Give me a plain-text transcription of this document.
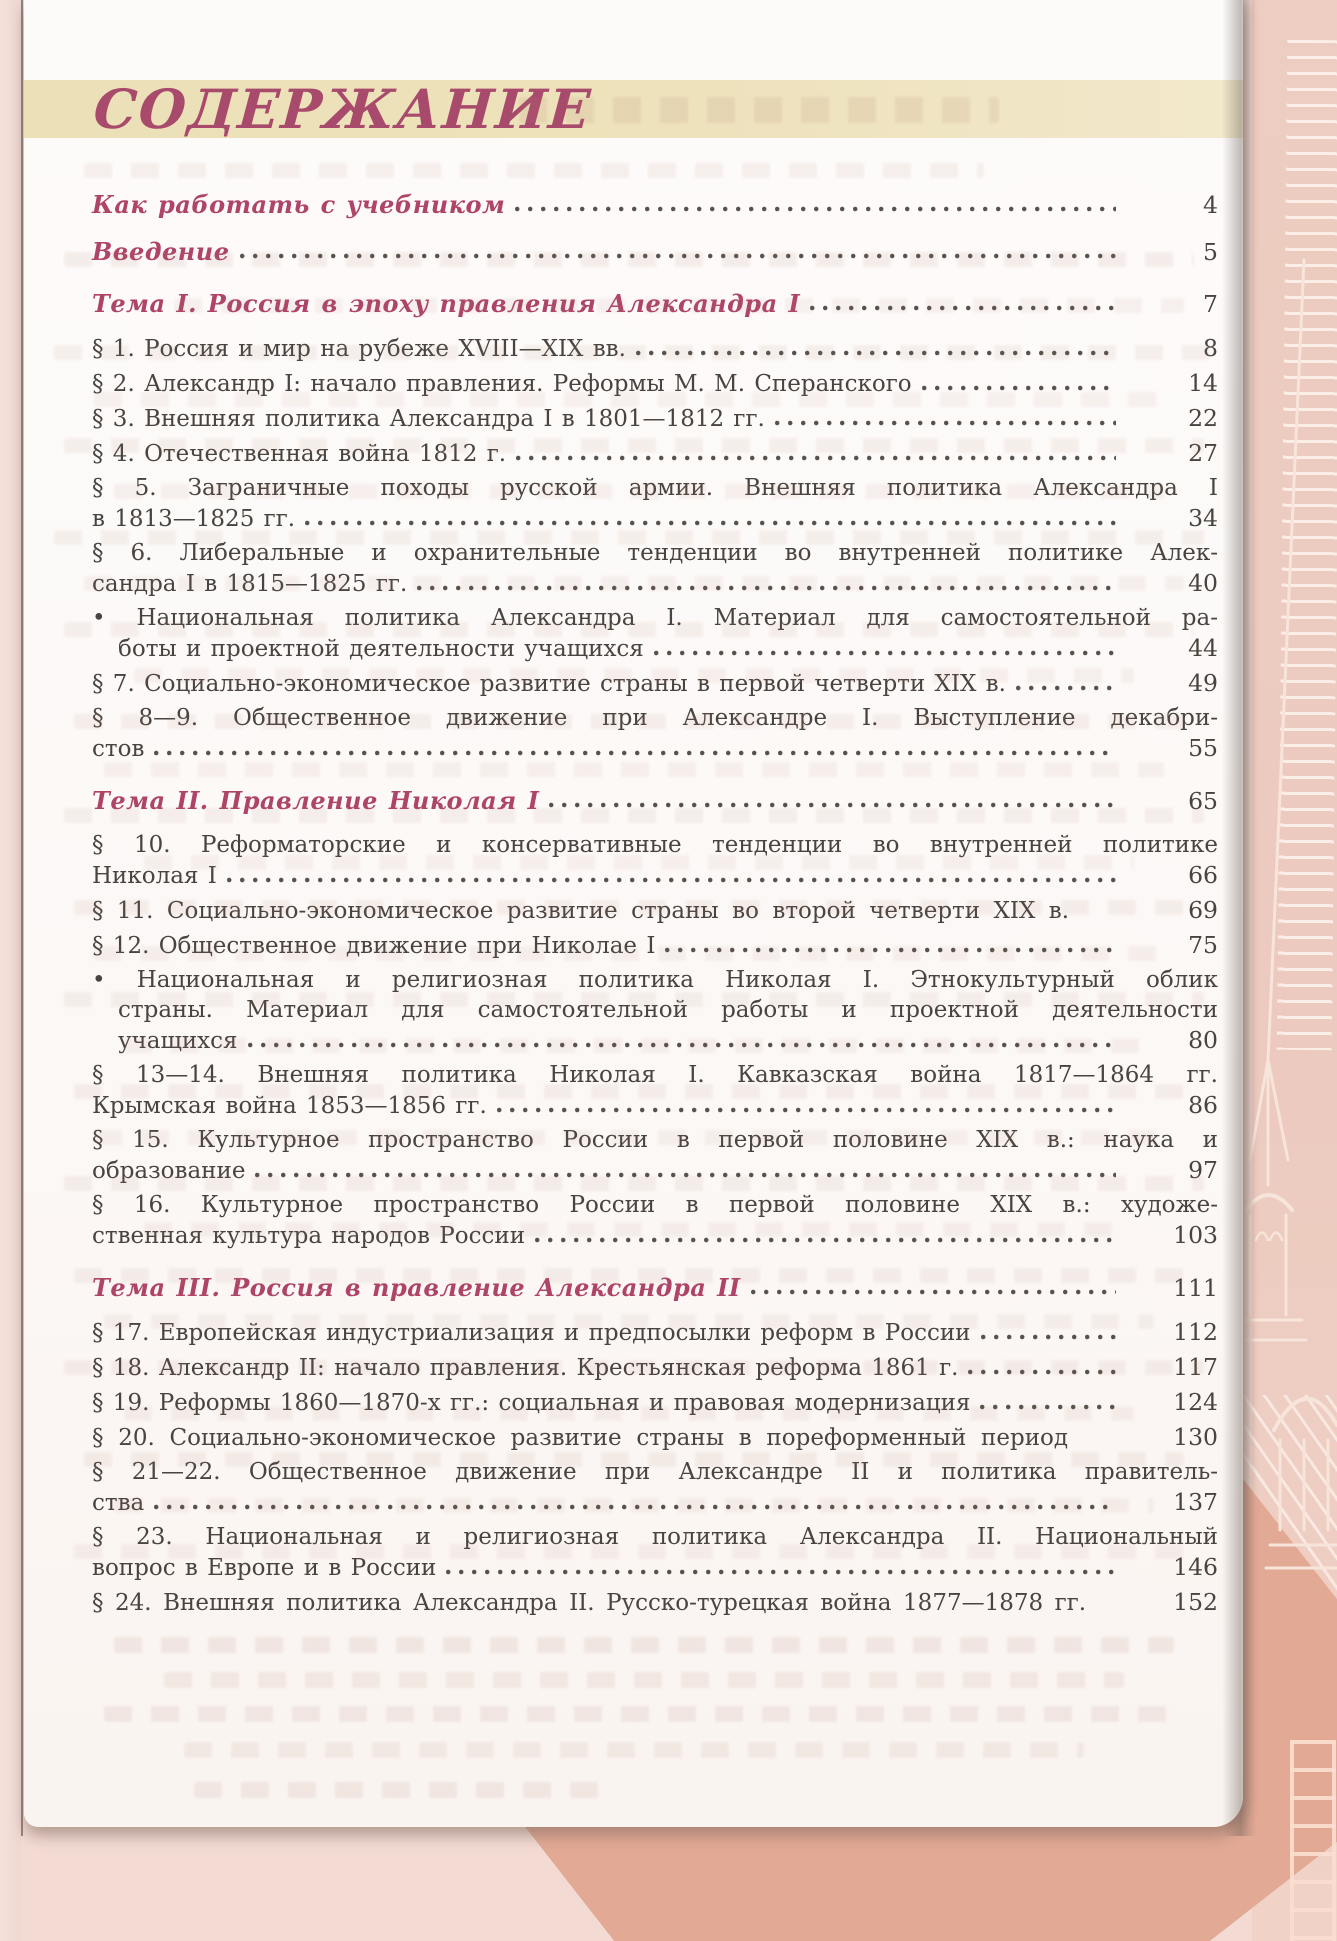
СОДЕРЖАНИЕ
Как работать с учебником	4
Введение	5
Тема I. Россия в эпоху правления Александра I	7
§ 1. Россия и мир на рубеже XVIII—XIX вв.	8
§ 2. Александр I: начало правления. Реформы М. М. Сперанского	14
§ 3. Внешняя политика Александра I в 1801—1812 гг.	22
§ 4. Отечественная война 1812 г.	27
§ 5. Заграничные походы русской армии. Внешняя политика Александра I
в 1813—1825 гг.	34
§ 6. Либеральные и охранительные тенденции во внутренней политике Алек-
сандра I в 1815—1825 гг.	40
• Национальная политика Александра I. Материал для самостоятельной ра-
боты и проектной деятельности учащихся	44
§ 7. Социально-экономическое развитие страны в первой четверти XIX в.	49
§ 8—9. Общественное движение при Александре I. Выступление декабри-
стов	55
Тема II. Правление Николая I	65
§ 10. Реформаторские и консервативные тенденции во внутренней политике
Николая I	66
§ 11. Социально-экономическое развитие страны во второй четверти XIX в.	69
§ 12. Общественное движение при Николае I	75
• Национальная и религиозная политика Николая I. Этнокультурный облик
страны. Материал для самостоятельной работы и проектной деятельности
учащихся	80
§ 13—14. Внешняя политика Николая I. Кавказская война 1817—1864 гг.
Крымская война 1853—1856 гг.	86
§ 15. Культурное пространство России в первой половине XIX в.: наука и
образование	97
§ 16. Культурное пространство России в первой половине XIX в.: художе-
ственная культура народов России	103
Тема III. Россия в правление Александра II	111
§ 17. Европейская индустриализация и предпосылки реформ в России	112
§ 18. Александр II: начало правления. Крестьянская реформа 1861 г.	117
§ 19. Реформы 1860—1870-х гг.: социальная и правовая модернизация	124
§ 20. Социально-экономическое развитие страны в пореформенный период	130
§ 21—22. Общественное движение при Александре II и политика правитель-
ства	137
§ 23. Национальная и религиозная политика Александра II. Национальный
вопрос в Европе и в России	146
§ 24. Внешняя политика Александра II. Русско-турецкая война 1877—1878 гг.	152
